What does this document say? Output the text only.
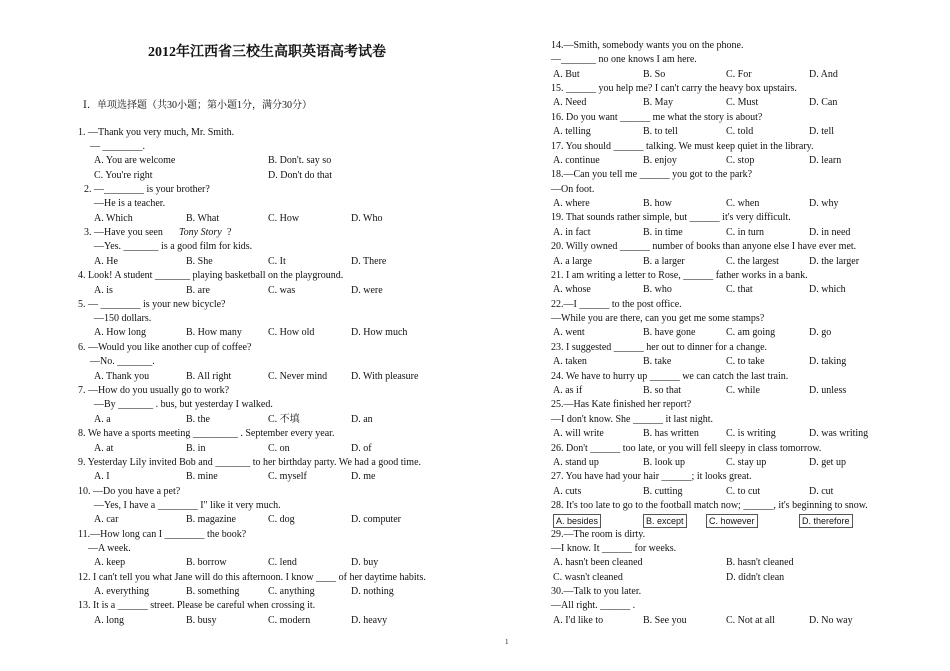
2012年江西省三校生高职英语高考试卷
Ⅰ．单项选择题（共30小题；第小题1分，满分30分）
1. —Thank you very much, Mr. Smith.
— ________.
A. You are welcome	B. Don't. say so
C. You're right	D. Don't do that
2. —________ is your brother?
—He is a teacher.
A. Which	B. What	C. How	D. Who
3. —Have you seen Tony Story ?
—Yes. _______ is a good film for kids.
A. He	B. She	C. It	D. There
4. Look! A student _______ playing basketball on the playground.
A. is	B. are	C. was	D. were
5. — ________ is your new bicycle?
—150 dollars.
A. How long	B. How many	C. How old	D. How much
6. —Would you like another cup of coffee?
—No. _______.
A. Thank you	B. All right	C. Never mind D. With pleasure
7. —How do you usually go to work?
—By _______ . bus, but yesterday I walked.
A. a	B. the	C. 不填	D. an
8. We have a sports meeting _________ . September every year.
A. at	B. in	C. on	D. of
9. Yesterday Lily invited Bob and _______ to her birthday party. We had a good time.
A. I	B. mine	C. myself	D. me
10. —Do you have a pet?
—Yes, I have a ________ I" like it very much.
A. car	B. magazine	C. dog	D. computer
11.—How long can I ________ the book?
—A week.
A. keep	B. borrow	C. lend	D. buy
12. I can't tell you what Jane will do this afternoon. I know ____ of her daytime habits.
A. everything	B. something	C. anything	D. nothing
13. It is a ______ street. Please be careful when crossing it.
A. long	B. busy	C. modern	D. heavy
14.—Smith, somebody wants you on the phone.
—_______ no one knows I am here.
A. But	B. So	C. For	D. And
15. ______ you help me? I can't carry the heavy box upstairs.
A. Need	B. May	C. Must	D. Can
16. Do you want ______ me what the story is about?
A. telling	B. to tell	C. told	D. tell
17. You should ______ talking. We must keep quiet in the library.
A. continue	B. enjoy	C. stop	D. learn
18.—Can you tell me ______ you got to the park?
—On foot.
A. where	B. how	C. when	D. why
19. That sounds rather simple, but ______ it's very difficult.
A. in fact	B. in time	C. in turn	D. in need
20. Willy owned ______ number of books than anyone else I have ever met.
A. a large	B. a larger	C. the largest	D. the larger
21. I am writing a letter to Rose, ______ father works in a bank.
A. whose	B. who	C. that	D. which
22.—I ______ to the post office.
—While you are there, can you get me some stamps?
A. went	B. have gone	C. am going	D. go
23. I suggested ______ her out to dinner for a change.
A. taken	B. take	C. to take	D. taking
24. We have to hurry up ______ we can catch the last train.
A. as if	B. so that	C. while	D. unless
25.—Has Kate finished her report?
—I don't know. She ______ it last night.
A. will write	B. has written	C. is writing	D. was writing
26. Don't ______ too late, or you will fell sleepy in class tomorrow.
A. stand up	B. look up	C. stay up	D. get up
27. You have had your hair ______; it looks great.
A. cuts	B. cutting	C. to cut	D. cut
28. It's too late to go to the football match now; ______, it's beginning to snow.
A. besides	B. except	C. however	D. therefore
29.—The room is dirty.
—I know. It ______ for weeks.
A. hasn't been cleaned	B. hasn't cleaned
C. wasn't cleaned	D. didn't clean
30.—Talk to you later.
—All right. ______ .
A. I'd like to	B. See you	C. Not at all	D. No way
1
